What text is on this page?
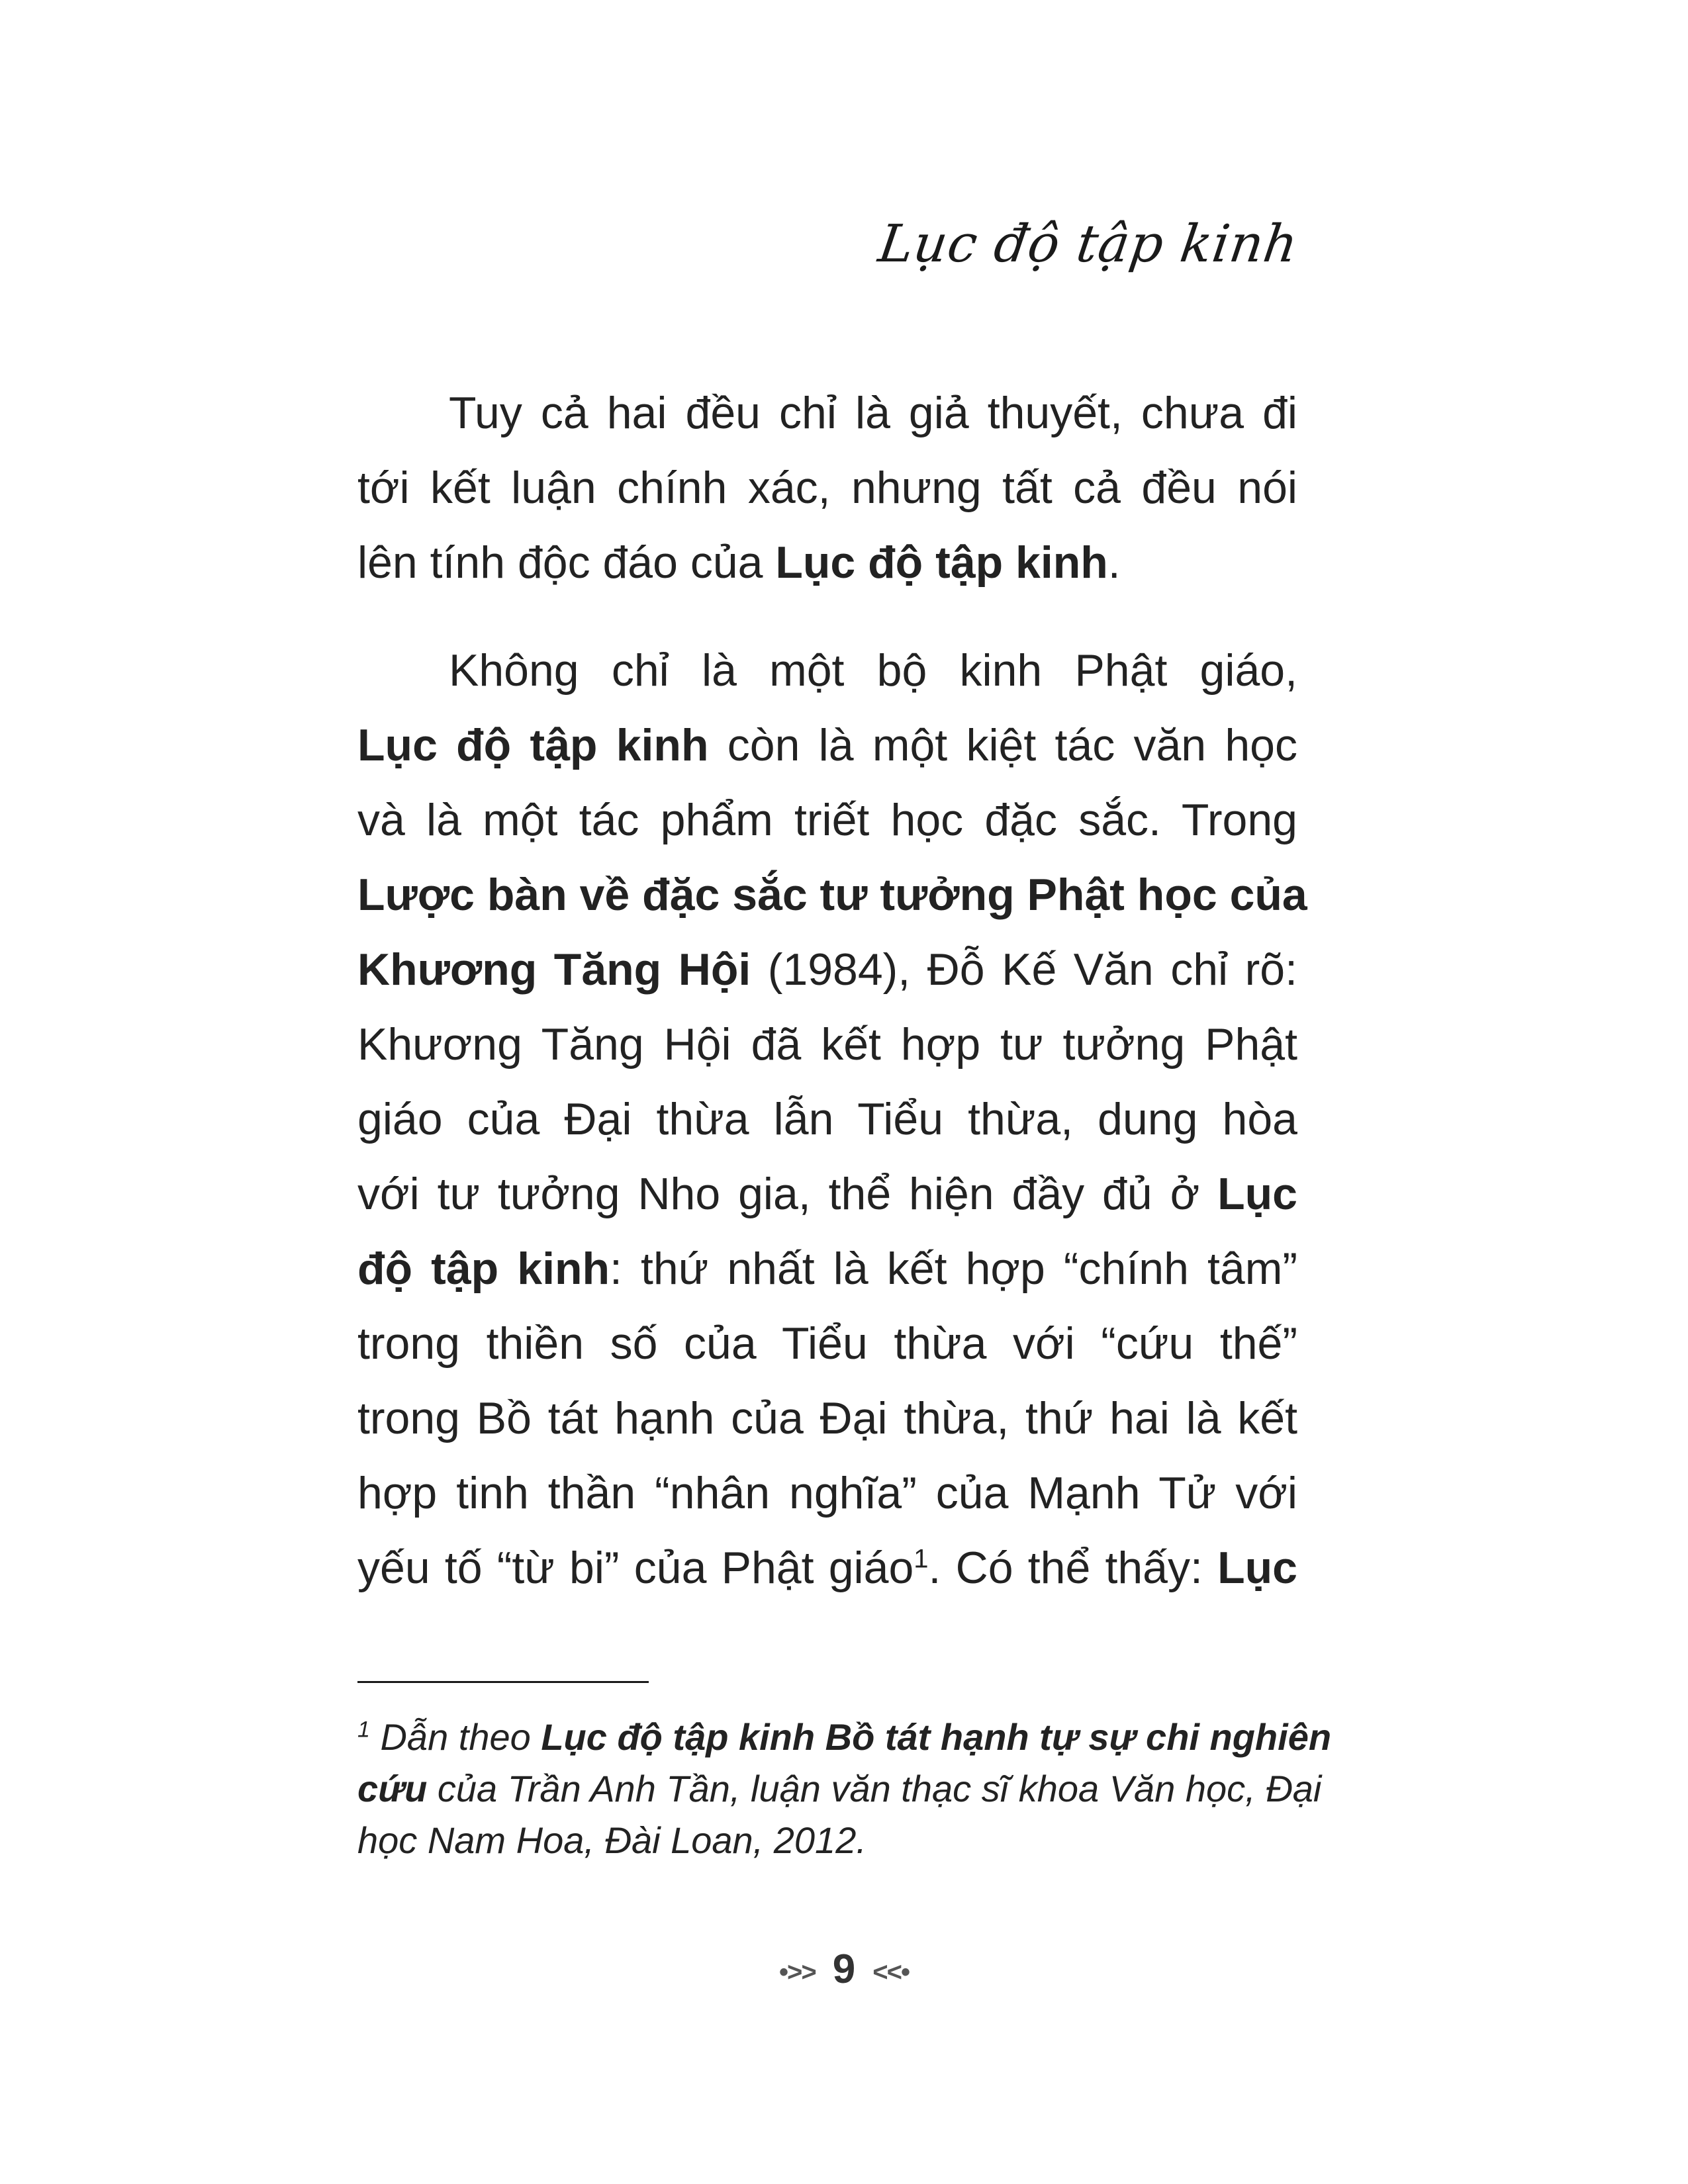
Lục độ tập kinh
Tuy cả hai đều chỉ là giả thuyết, chưa đi
tới kết luận chính xác, nhưng tất cả đều nói
lên tính độc đáo của Lục độ tập kinh.
Không chỉ là một bộ kinh Phật giáo,
Lục độ tập kinh còn là một kiệt tác văn học
và là một tác phẩm triết học đặc sắc. Trong
Lược bàn về đặc sắc tư tưởng Phật học của
Khương Tăng Hội (1984), Đỗ Kế Văn chỉ rõ:
Khương Tăng Hội đã kết hợp tư tưởng Phật
giáo của Đại thừa lẫn Tiểu thừa, dung hòa
với tư tưởng Nho gia, thể hiện đầy đủ ở Lục
độ tập kinh: thứ nhất là kết hợp “chính tâm”
trong thiền số của Tiểu thừa với “cứu thế”
trong Bồ tát hạnh của Đại thừa, thứ hai là kết
hợp tinh thần “nhân nghĩa” của Mạnh Tử với
yếu tố “từ bi” của Phật giáo$^1$. Có thể thấy: Lục
$^1$ Dẫn theo Lục độ tập kinh Bồ tát hạnh tự sự chi nghiên
cứu của Trần Anh Tần, luận văn thạc sĩ khoa Văn học, Đại
học Nam Hoa, Đài Loan, 2012.
•>> 9 <<•
